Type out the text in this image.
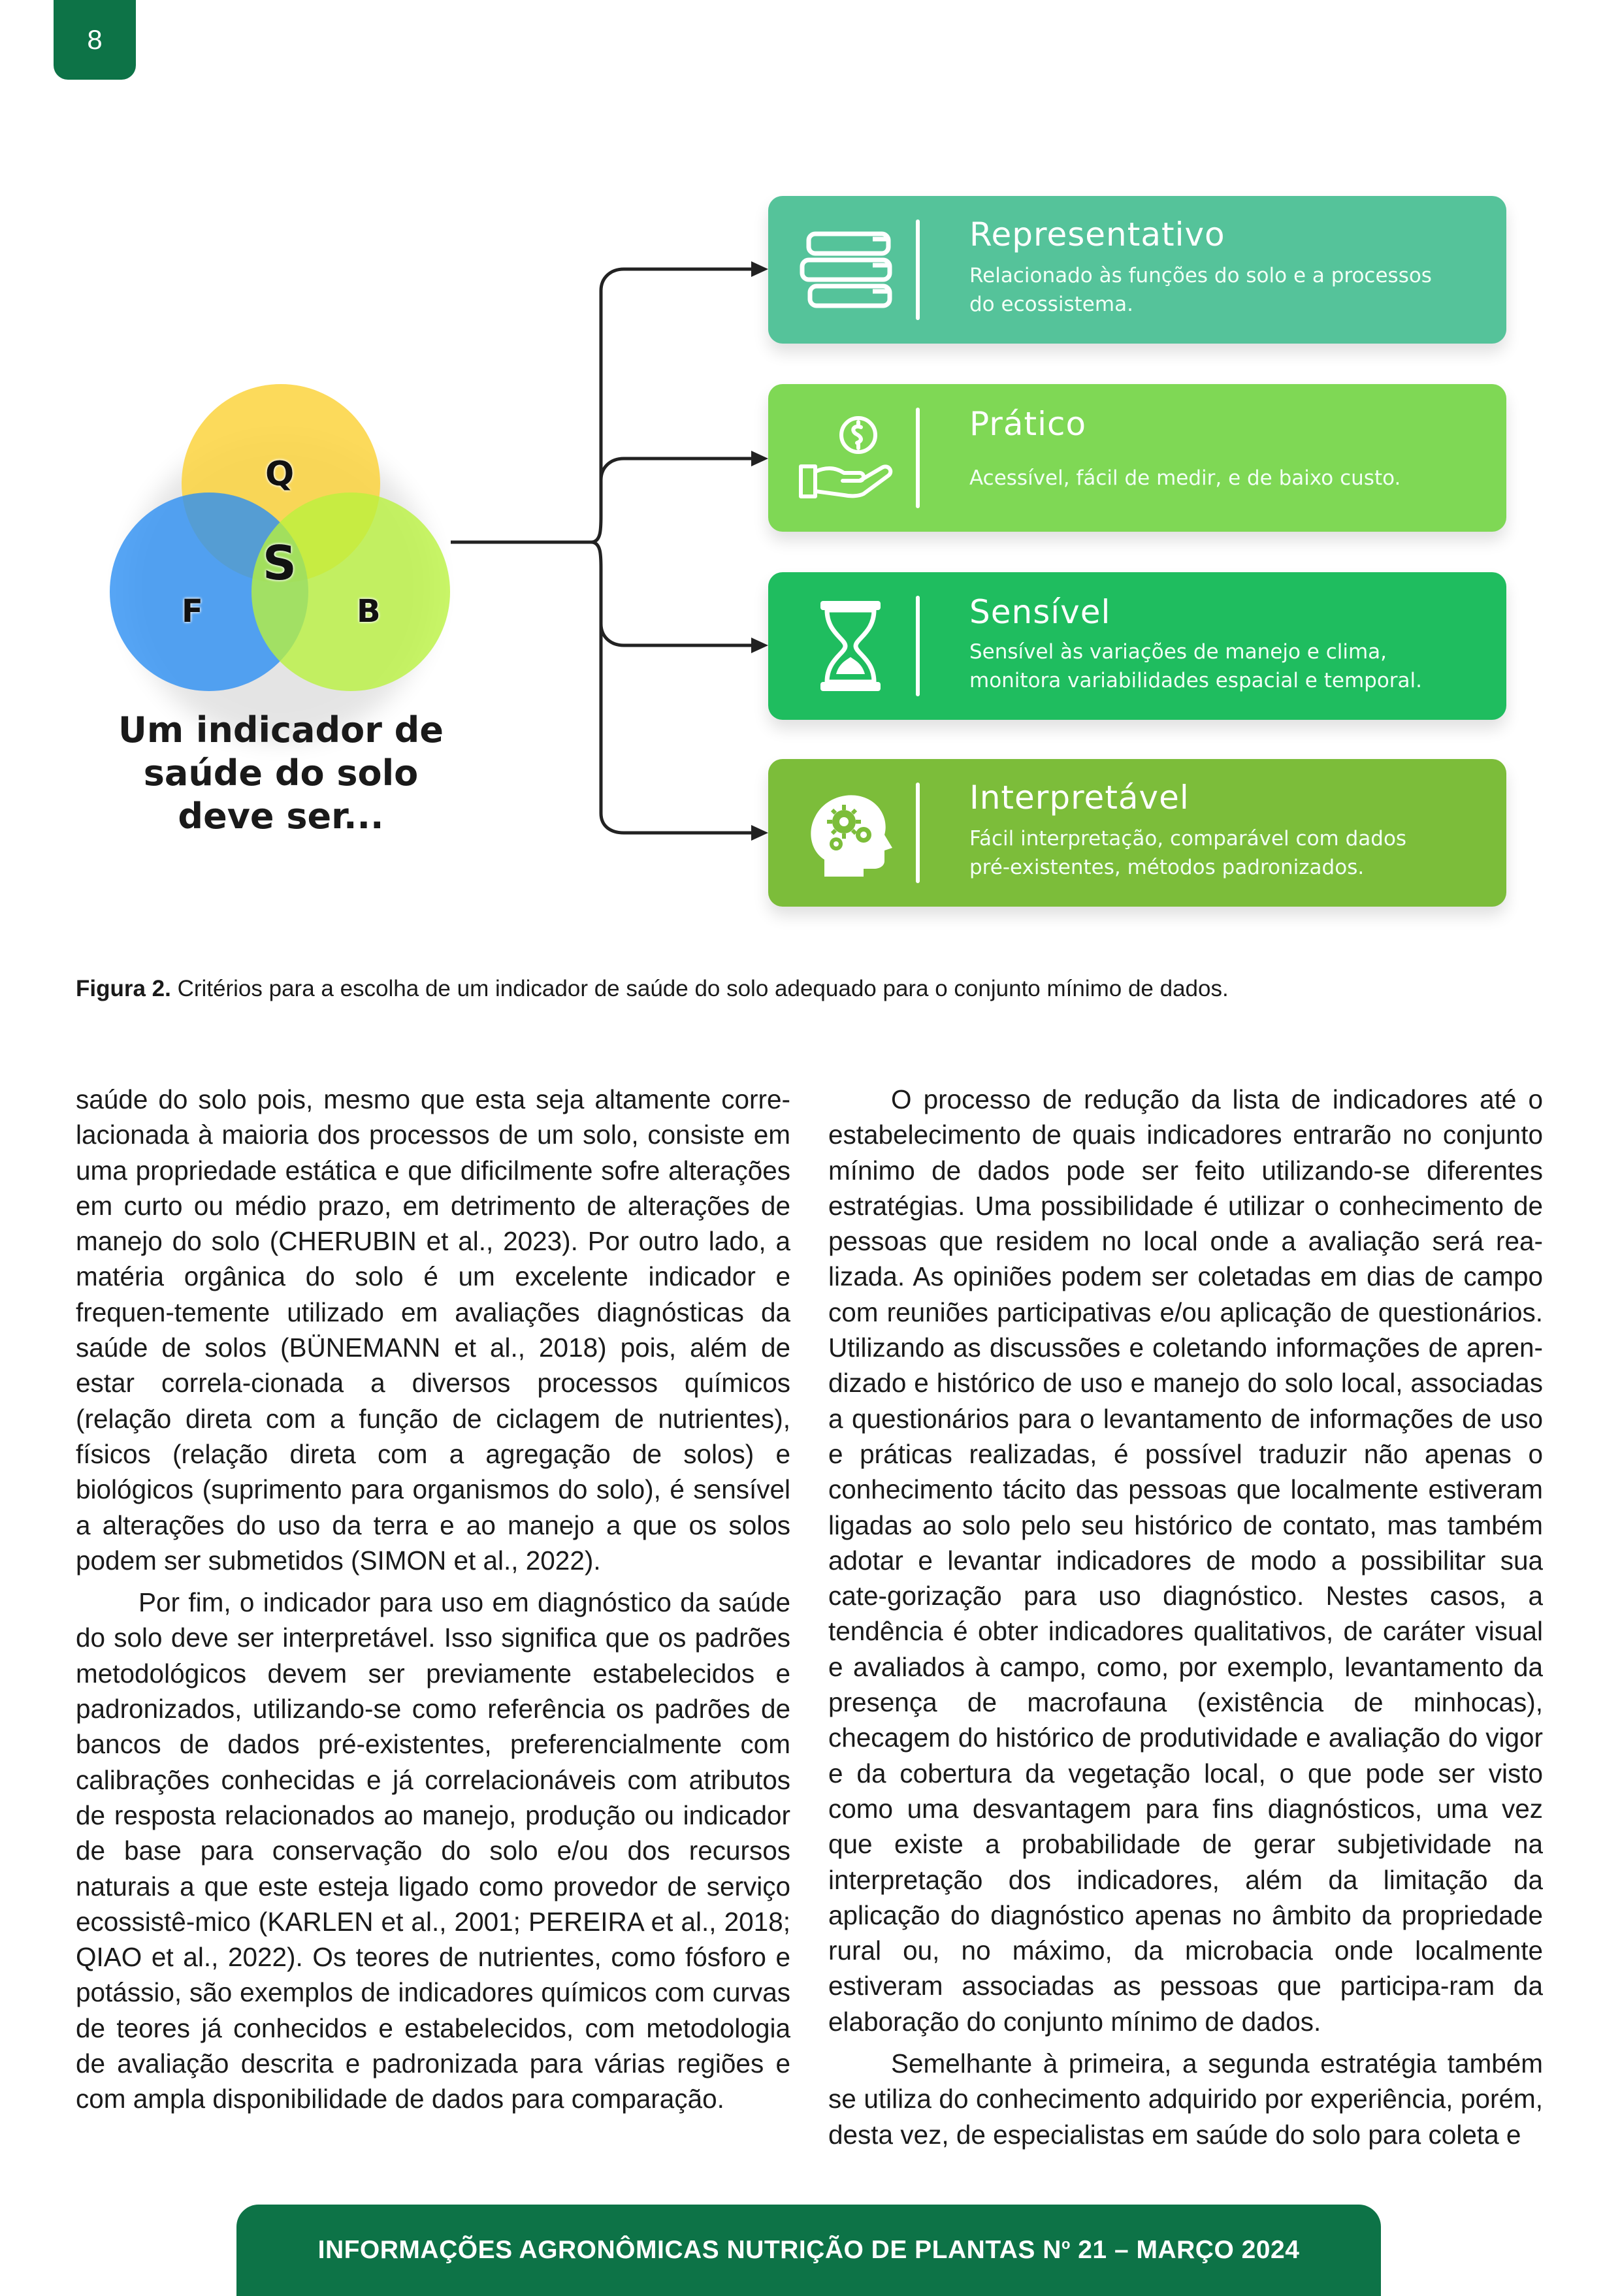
8
Q
S
F	B
Um indicador de
saúde do solo
deve ser...
Representativo
Relacionado às funções do solo e a processos
do ecossistema.
Prático
Acessível, fácil de medir, e de baixo custo.
Sensível
Sensível às variações de manejo e clima,
monitora variabilidades espacial e temporal.
Interpretável
Fácil interpretação, comparável com dados
pré-existentes, métodos padronizados.
Figura 2. Critérios para a escolha de um indicador de saúde do solo adequado para o conjunto mínimo de dados.

saúde do solo pois, mesmo que esta seja altamente corre-lacionada à maioria dos processos de um solo, consiste em uma propriedade estática e que dificilmente sofre alterações em curto ou médio prazo, em detrimento de alterações de manejo do solo (CHERUBIN et al., 2023). Por outro lado, a matéria orgânica do solo é um excelente indicador e frequen-temente utilizado em avaliações diagnósticas da saúde de solos (BÜNEMANN et al., 2018) pois, além de estar correla-cionada a diversos processos químicos (relação direta com a função de ciclagem de nutrientes), físicos (relação direta com a agregação de solos) e biológicos (suprimento para organismos do solo), é sensível a alterações do uso da terra e ao manejo a que os solos podem ser submetidos (SIMON et al., 2022).

Por fim, o indicador para uso em diagnóstico da saúde do solo deve ser interpretável. Isso significa que os padrões metodológicos devem ser previamente estabelecidos e padronizados, utilizando-se como referência os padrões de bancos de dados pré-existentes, preferencialmente com calibrações conhecidas e já correlacionáveis com atributos de resposta relacionados ao manejo, produção ou indicador de base para conservação do solo e/ou dos recursos naturais a que este esteja ligado como provedor de serviço ecossistê-mico (KARLEN et al., 2001; PEREIRA et al., 2018; QIAO et al., 2022). Os teores de nutrientes, como fósforo e potássio, são exemplos de indicadores químicos com curvas de teores já conhecidos e estabelecidos, com metodologia de avaliação descrita e padronizada para várias regiões e com ampla disponibilidade de dados para comparação.

O processo de redução da lista de indicadores até o estabelecimento de quais indicadores entrarão no conjunto mínimo de dados pode ser feito utilizando-se diferentes estratégias. Uma possibilidade é utilizar o conhecimento de pessoas que residem no local onde a avaliação será rea-lizada. As opiniões podem ser coletadas em dias de campo com reuniões participativas e/ou aplicação de questionários. Utilizando as discussões e coletando informações de apren-dizado e histórico de uso e manejo do solo local, associadas a questionários para o levantamento de informações de uso e práticas realizadas, é possível traduzir não apenas o conhecimento tácito das pessoas que localmente estiveram ligadas ao solo pelo seu histórico de contato, mas também adotar e levantar indicadores de modo a possibilitar sua cate-gorização para uso diagnóstico. Nestes casos, a tendência é obter indicadores qualitativos, de caráter visual e avaliados à campo, como, por exemplo, levantamento da presença de macrofauna (existência de minhocas), checagem do histórico de produtividade e avaliação do vigor e da cobertura da vegetação local, o que pode ser visto como uma desvantagem para fins diagnósticos, uma vez que existe a probabilidade de gerar subjetividade na interpretação dos indicadores, além da limitação da aplicação do diagnóstico apenas no âmbito da propriedade rural ou, no máximo, da microbacia onde localmente estiveram associadas as pessoas que participa-ram da elaboração do conjunto mínimo de dados.

Semelhante à primeira, a segunda estratégia também se utiliza do conhecimento adquirido por experiência, porém, desta vez, de especialistas em saúde do solo para coleta e

INFORMAÇÕES AGRONÔMICAS NUTRIÇÃO DE PLANTAS $N^o$ 21 – MARÇO 2024
